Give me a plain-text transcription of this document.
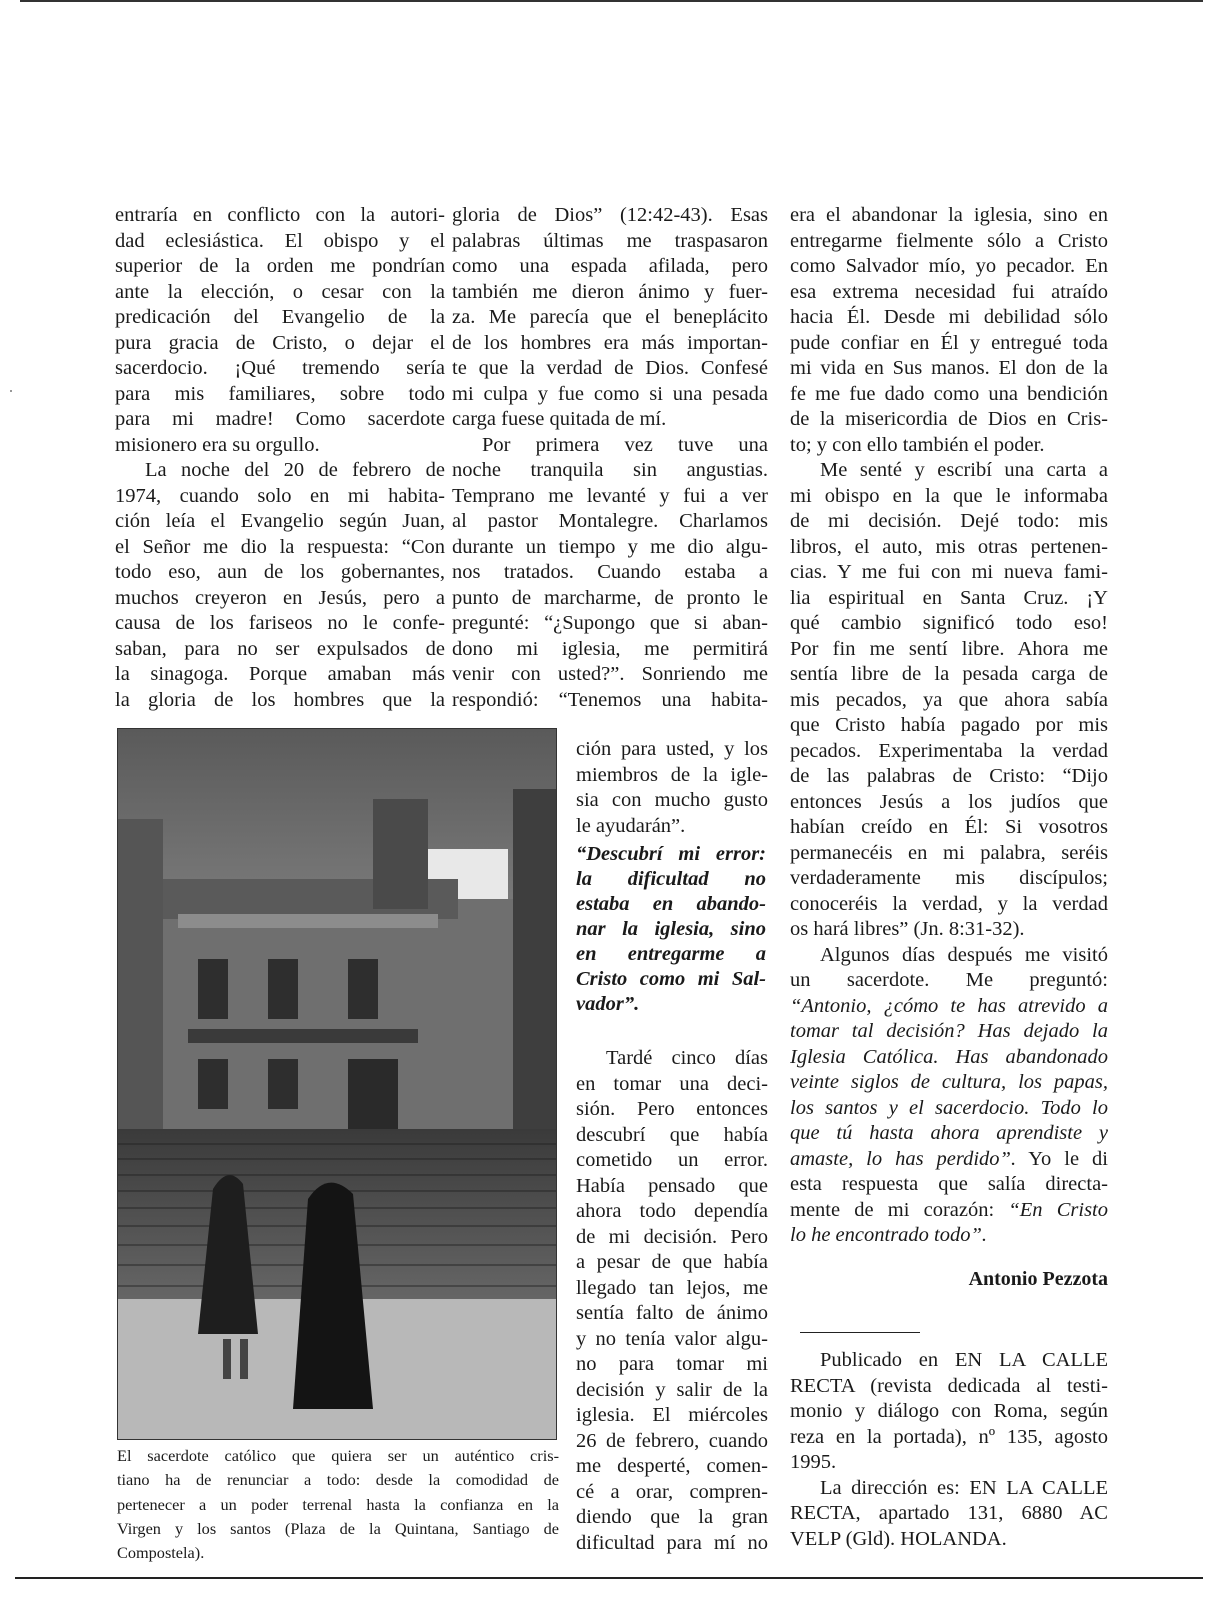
entraría en conflicto con la autori-
dad eclesiástica. El obispo y el
superior de la orden me pondrían
ante la elección, o cesar con la
predicación del Evangelio de la
pura gracia de Cristo, o dejar el
sacerdocio. ¡Qué tremendo sería
para mis familiares, sobre todo
para mi madre! Como sacerdote
misionero era su orgullo.
La noche del 20 de febrero de
1974, cuando solo en mi habita-
ción leía el Evangelio según Juan,
el Señor me dio la respuesta: “Con
todo eso, aun de los gobernantes,
muchos creyeron en Jesús, pero a
causa de los fariseos no le confe-
saban, para no ser expulsados de
la sinagoga. Porque amaban más
la gloria de los hombres que la
gloria de Dios” (12:42-43). Esas
palabras últimas me traspasaron
como una espada afilada, pero
también me dieron ánimo y fuer-
za. Me parecía que el beneplácito
de los hombres era más importan-
te que la verdad de Dios. Confesé
mi culpa y fue como si una pesada
carga fuese quitada de mí.
Por primera vez tuve una
noche tranquila sin angustias.
Temprano me levanté y fui a ver
al pastor Montalegre. Charlamos
durante un tiempo y me dio algu-
nos tratados. Cuando estaba a
punto de marcharme, de pronto le
pregunté: “¿Supongo que si aban-
dono mi iglesia, me permitirá
venir con usted?”. Sonriendo me
respondió: “Tenemos una habita-
ción para usted, y los
miembros de la igle-
sia con mucho gusto
le ayudarán”.
“Descubrí mi error:
la dificultad no
estaba en abando-
nar la iglesia, sino
en entregarme a
Cristo como mi Sal-
vador”.
Tardé cinco días
en tomar una deci-
sión. Pero entonces
descubrí que había
cometido un error.
Había pensado que
ahora todo dependía
de mi decisión. Pero
a pesar de que había
llegado tan lejos, me
sentía falto de ánimo
y no tenía valor algu-
no para tomar mi
decisión y salir de la
iglesia. El miércoles
26 de febrero, cuando
me desperté, comen-
cé a orar, compren-
diendo que la gran
dificultad para mí no
era el abandonar la iglesia, sino en
entregarme fielmente sólo a Cristo
como Salvador mío, yo pecador. En
esa extrema necesidad fui atraído
hacia Él. Desde mi debilidad sólo
pude confiar en Él y entregué toda
mi vida en Sus manos. El don de la
fe me fue dado como una bendición
de la misericordia de Dios en Cris-
to; y con ello también el poder.
Me senté y escribí una carta a
mi obispo en la que le informaba
de mi decisión. Dejé todo: mis
libros, el auto, mis otras pertenen-
cias. Y me fui con mi nueva fami-
lia espiritual en Santa Cruz. ¡Y
qué cambio significó todo eso!
Por fin me sentí libre. Ahora me
sentía libre de la pesada carga de
mis pecados, ya que ahora sabía
que Cristo había pagado por mis
pecados. Experimentaba la verdad
de las palabras de Cristo: “Dijo
entonces Jesús a los judíos que
habían creído en Él: Si vosotros
permanecéis en mi palabra, seréis
verdaderamente mis discípulos;
conoceréis la verdad, y la verdad
os hará libres” (Jn. 8:31-32).
Algunos días después me visitó
un sacerdote. Me preguntó:
“Antonio, ¿cómo te has atrevido a
tomar tal decisión? Has dejado la
Iglesia Católica. Has abandonado
veinte siglos de cultura, los papas,
los santos y el sacerdocio. Todo lo
que tú hasta ahora aprendiste y
amaste, lo has perdido”. Yo le di
esta respuesta que salía directa-
mente de mi corazón: “En Cristo
lo he encontrado todo”.
Antonio Pezzota
Publicado en EN LA CALLE
RECTA (revista dedicada al testi-
monio y diálogo con Roma, según
reza en la portada), nº 135, agosto
1995.
La dirección es: EN LA CALLE
RECTA, apartado 131, 6880 AC
VELP (Gld). HOLANDA.
El sacerdote católico que quiera ser un auténtico cris-
tiano ha de renunciar a todo: desde la comodidad de
pertenecer a un poder terrenal hasta la confianza en la
Virgen y los santos (Plaza de la Quintana, Santiago de
Compostela).
